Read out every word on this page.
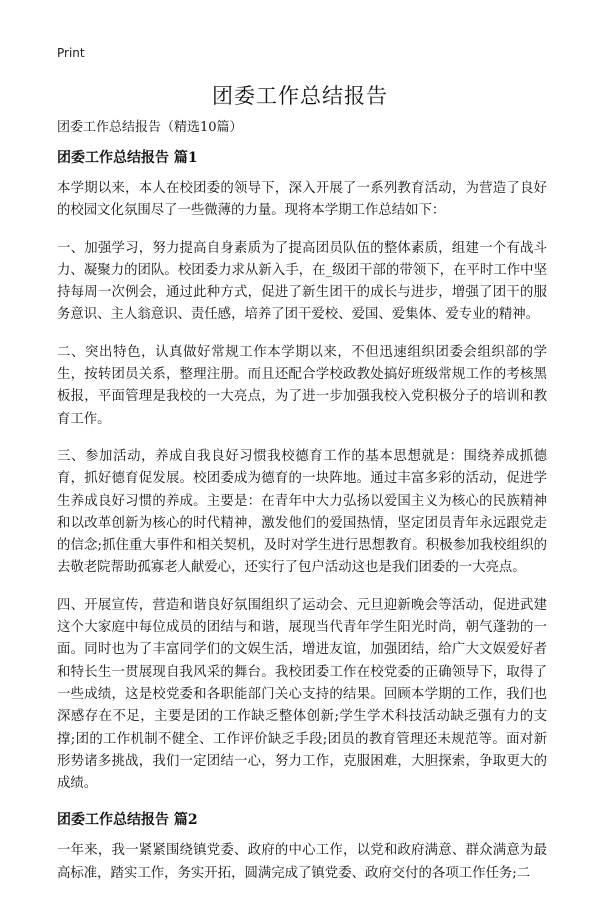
Print
团委工作总结报告

团委工作总结报告（精选10篇）

团委工作总结报告 篇1

本学期以来，本人在校团委的领导下，深入开展了一系列教育活动，为营造了良好的校园文化氛围尽了一些微薄的力量。现将本学期工作总结如下：

一、加强学习，努力提高自身素质为了提高团员队伍的整体素质，组建一个有战斗力、凝聚力的团队。校团委力求从新入手，在_级团干部的带领下，在平时工作中坚持每周一次例会，通过此种方式，促进了新生团干的成长与进步，增强了团干的服务意识、主人翁意识、责任感，培养了团干爱校、爱国、爱集体、爱专业的精神。

二、突出特色，认真做好常规工作本学期以来，不但迅速组织团委会组织部的学生，按转团员关系，整理注册。而且还配合学校政教处搞好班级常规工作的考核黑板报，平面管理是我校的一大亮点，为了进一步加强我校入党积极分子的培训和教育工作。

三、参加活动，养成自我良好习惯我校德育工作的基本思想就是：围绕养成抓德育，抓好德育促发展。校团委成为德育的一块阵地。通过丰富多彩的活动，促进学生养成良好习惯的养成。主要是：在青年中大力弘扬以爱国主义为核心的民族精神和以改革创新为核心的时代精神，激发他们的爱国热情，坚定团员青年永远跟党走的信念;抓住重大事件和相关契机，及时对学生进行思想教育。积极参加我校组织的去敬老院帮助孤寡老人献爱心，还实行了包户活动这也是我们团委的一大亮点。

四、开展宣传，营造和谐良好氛围组织了运动会、元旦迎新晚会等活动，促进武建这个大家庭中每位成员的团结与和谐，展现当代青年学生阳光时尚，朝气蓬勃的一面。同时也为了丰富同学们的文娱生活，增进友谊，加强团结，给广大文娱爱好者和特长生一贯展现自我风采的舞台。我校团委工作在校党委的正确领导下，取得了一些成绩，这是校党委和各职能部门关心支持的结果。回顾本学期的工作，我们也深感存在不足，主要是团的工作缺乏整体创新;学生学术科技活动缺乏强有力的支撑;团的工作机制不健全、工作评价缺乏手段;团员的教育管理还未规范等。面对新形势诸多挑战，我们一定团结一心，努力工作，克服困难，大胆探索，争取更大的成绩。

团委工作总结报告 篇2

一年来，我一紧紧围绕镇党委、政府的中心工作，以党和政府满意、群众满意为最高标准，踏实工作，务实开拓，圆满完成了镇党委、政府交付的各项工作任务;二
